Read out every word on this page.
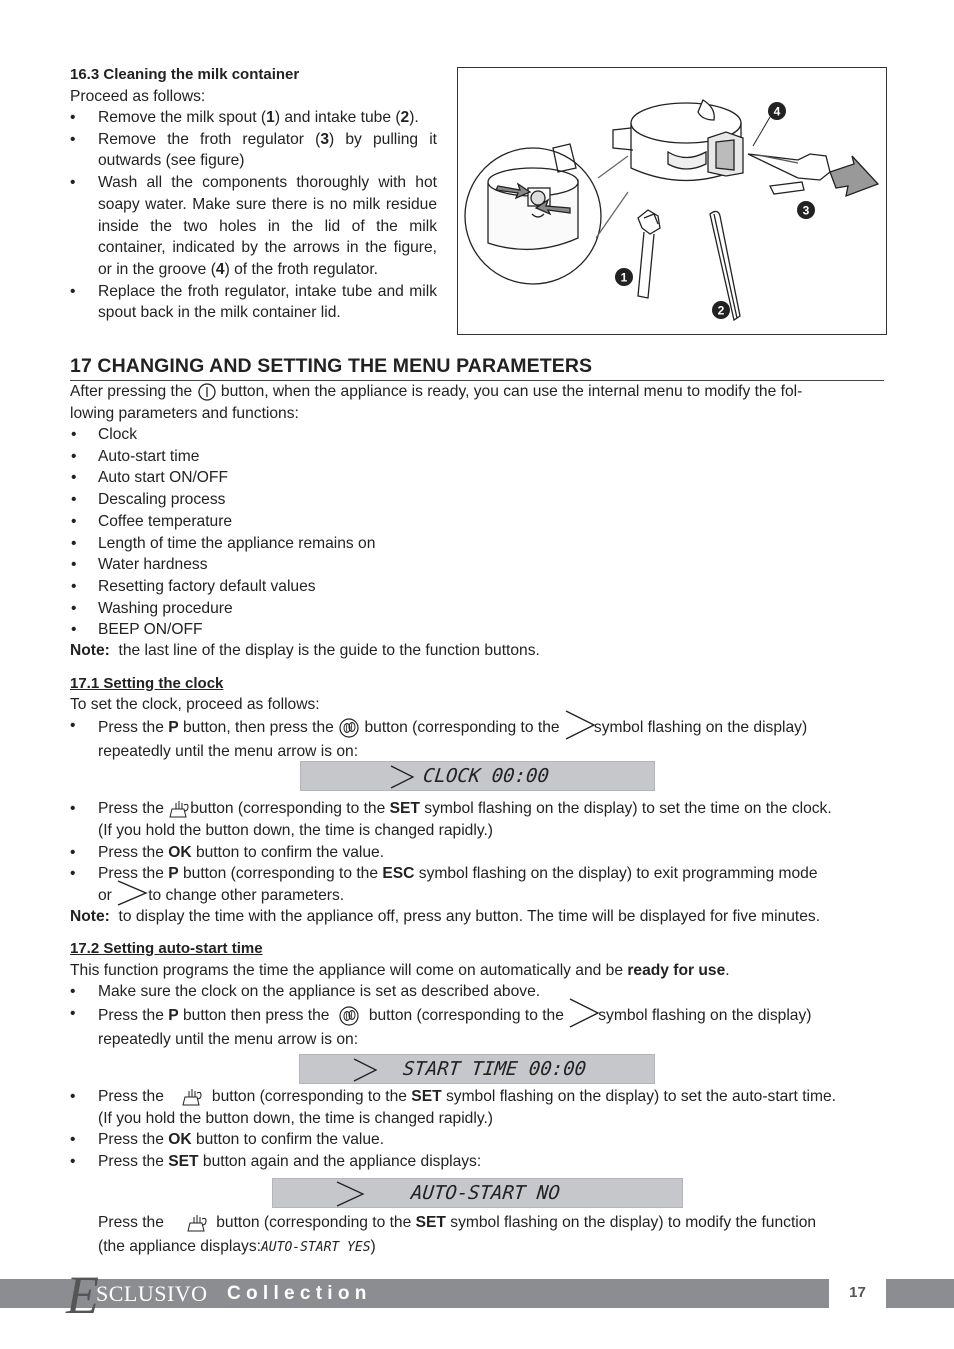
16.3 Cleaning the milk container
Proceed as follows:
• Remove the milk spout (1) and intake tube (2).
• Remove the froth regulator (3) by pulling it outwards (see figure)
• Wash all the components thoroughly with hot soapy water. Make sure there is no milk residue inside the two holes in the lid of the milk container, indicated by the arrows in the figure, or in the groove (4) of the froth regulator.
• Replace the froth regulator, intake tube and milk spout back in the milk container lid.
1
2
3
4
17 CHANGING AND SETTING THE MENU PARAMETERS
After pressing the button, when the appliance is ready, you can use the internal menu to modify the fol-
lowing parameters and functions:
• Clock
• Auto-start time
• Auto start ON/OFF
• Descaling process
• Coffee temperature
• Length of time the appliance remains on
• Water hardness
• Resetting factory default values
• Washing procedure
• BEEP ON/OFF
Note: the last line of the display is the guide to the function buttons.
17.1 Setting the clock
To set the clock, proceed as follows:
•	Press the P button, then press the button (corresponding to the symbol flashing on the display)
repeatedly until the menu arrow is on:
CLOCK 00:00
•	Press the button (corresponding to the SET symbol flashing on the display) to set the time on the clock.
(If you hold the button down, the time is changed rapidly.)
•	Press the OK button to confirm the value.
•	Press the P button (corresponding to the ESC symbol flashing on the display) to exit programming mode
or to change other parameters.
Note: to display the time with the appliance off, press any button. The time will be displayed for five minutes.
17.2 Setting auto-start time
This function programs the time the appliance will come on automatically and be ready for use.
•	Make sure the clock on the appliance is set as described above.
•	Press the P button then press the	button (corresponding to the symbol flashing on the display)
repeatedly until the menu arrow is on:
START TIME 00:00
•	Press the	button (corresponding to the SET symbol flashing on the display) to set the auto-start time.
(If you hold the button down, the time is changed rapidly.)
•	Press the OK button to confirm the value.
•	Press the SET button again and the appliance displays:
AUTO-START NO
Press the	button (corresponding to the SET symbol flashing on the display) to modify the function
(the appliance displays:AUTO-START YES)
E
SCLUSIVO C o l l e c t i o n	17
